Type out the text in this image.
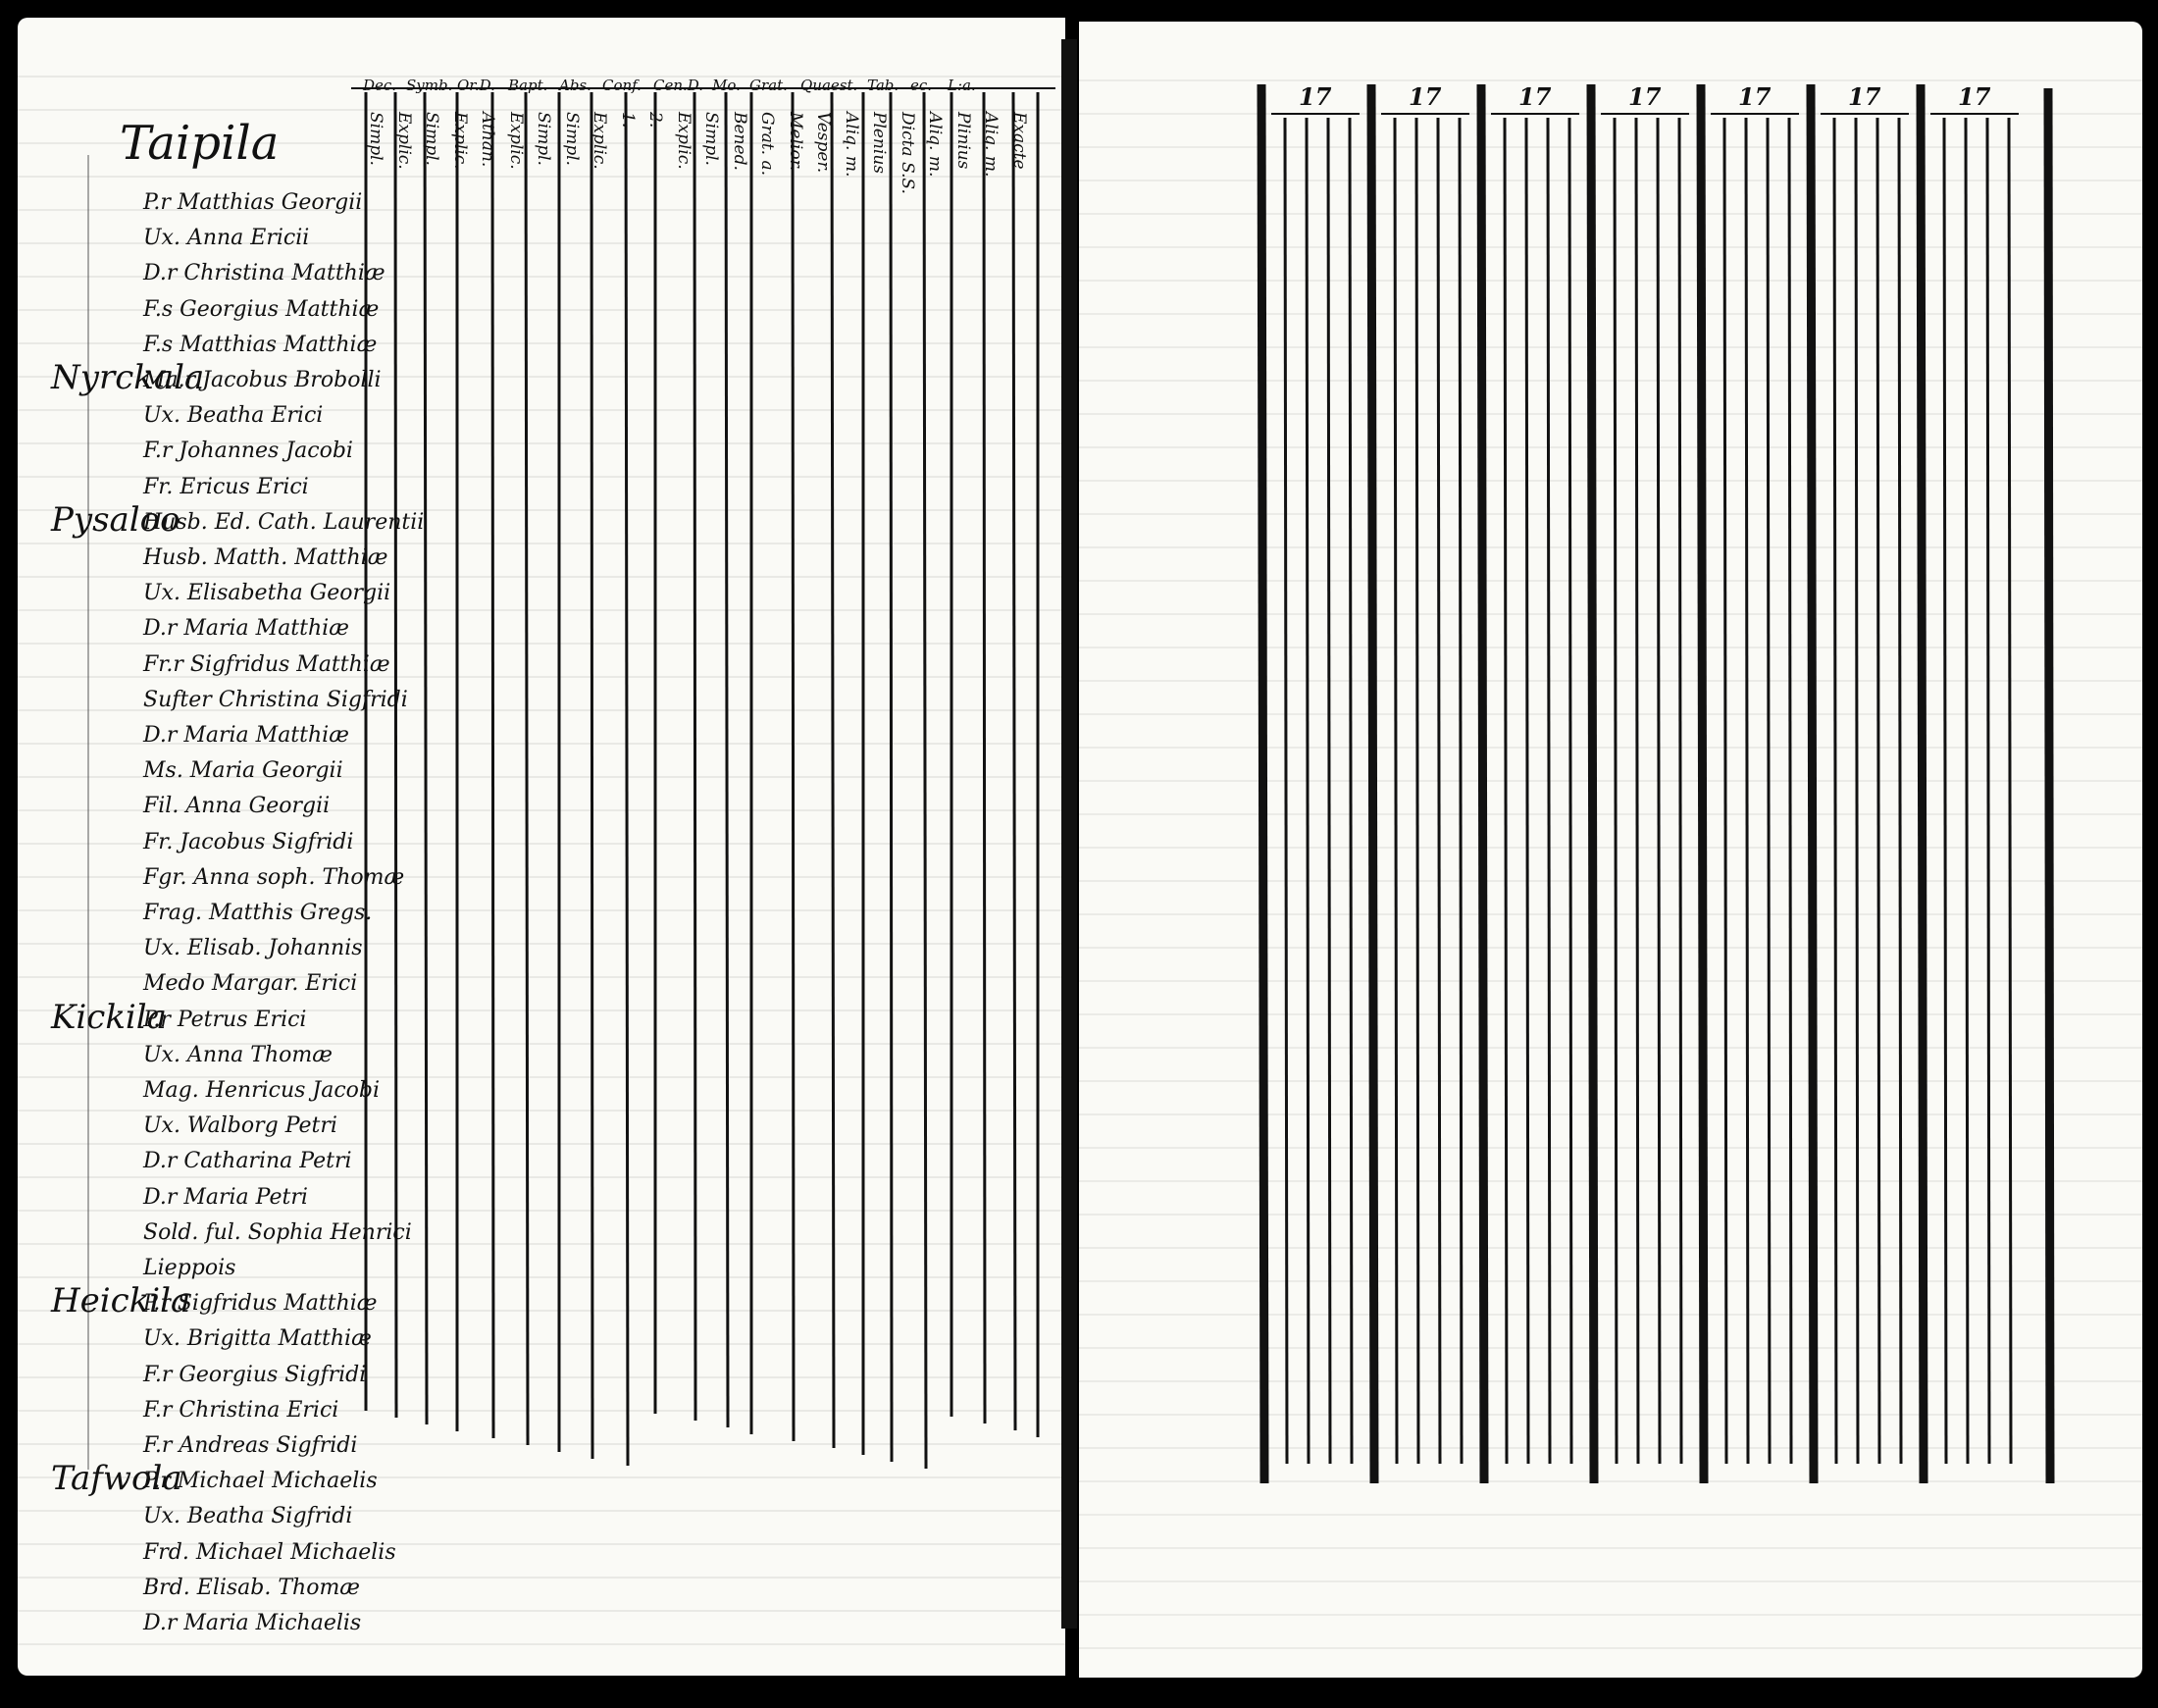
Taipila
Dec. Symb. Or.D. Bapt. Abs. Conf. Cen.D. Mo. Grat. Quaest. Tab. ec. L:a.
Simpl. Explic. Simpl. Explic. Athan. Explic. Simpl. Simpl. Explic. 1. 2. Explic. Simpl. Bened. Grat. a. Melior. Vesper. Aliq. m. Plenius Dicta S.S. Aliq. m. Plinius Aliq. m. Exacte
P.r Matthias Georgii
Ux. Anna Ericii
D.r Christina Matthiæ
F.s Georgius Matthiæ
F.s Matthias Matthiæ
Nyrckala
Ma.r Jacobus Brobolli
Ux. Beatha Erici
F.r Johannes Jacobi
Fr. Ericus Erici
Pysaloo
Husb. Ed. Cath. Laurentii
Husb. Matth. Matthiæ
Ux. Elisabetha Georgii
D.r Maria Matthiæ
Fr.r Sigfridus Matthiæ
Sufter Christina Sigfridi
D.r Maria Matthiæ
Ms. Maria Georgii
Fil. Anna Georgii
Fr. Jacobus Sigfridi
Fgr. Anna soph. Thomæ
Frag. Matthis Gregs.
Ux. Elisab. Johannis
Medo Margar. Erici
Kickila
P.r Petrus Erici
Ux. Anna Thomæ
Mag. Henricus Jacobi
Ux. Walborg Petri
D.r Catharina Petri
D.r Maria Petri
Sold. ful. Sophia Henrici
Lieppois
Heickila
P.r Sigfridus Matthiæ
Ux. Brigitta Matthiæ
F.r Georgius Sigfridi
F.r Christina Erici
F.r Andreas Sigfridi
Tafwola
P.r Michael Michaelis
Ux. Beatha Sigfridi
Frd. Michael Michaelis
Brd. Elisab. Thomæ
D.r Maria Michaelis
17	17	17	17	17	17	17
